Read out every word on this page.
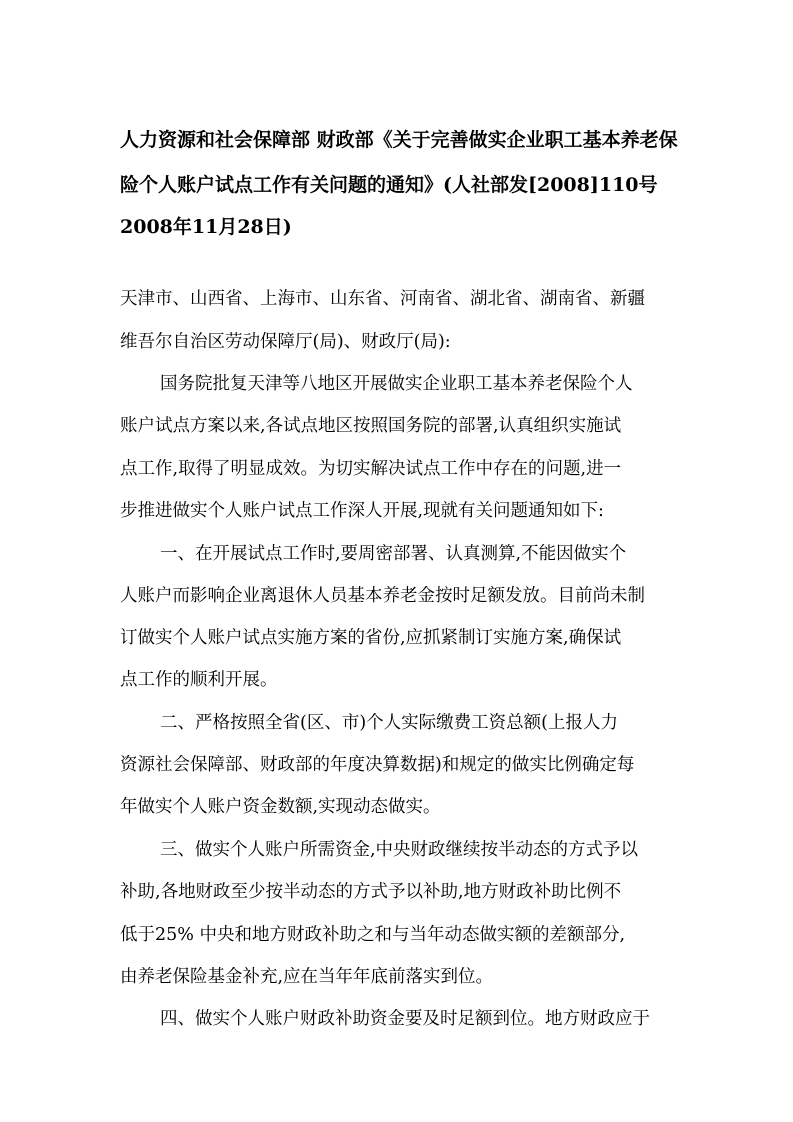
人力资源和社会保障部 财政部《关于完善做实企业职工基本养老保
险个人账户试点工作有关问题的通知》(人社部发[2008]110号
2008年11月28日)
天津市、山西省、上海市、山东省、河南省、湖北省、湖南省、新疆
维吾尔自治区劳动保障厅(局)、财政厅(局):
国务院批复天津等八地区开展做实企业职工基本养老保险个人
账户试点方案以来,各试点地区按照国务院的部署,认真组织实施试
点工作,取得了明显成效。为切实解决试点工作中存在的问题,进一
步推进做实个人账户试点工作深人开展,现就有关问题通知如下:
一、在开展试点工作时,要周密部署、认真测算,不能因做实个
人账户而影响企业离退休人员基本养老金按时足额发放。目前尚未制
订做实个人账户试点实施方案的省份,应抓紧制订实施方案,确保试
点工作的顺利开展。
二、严格按照全省(区、市)个人实际缴费工资总额(上报人力
资源社会保障部、财政部的年度决算数据)和规定的做实比例确定每
年做实个人账户资金数额,实现动态做实。
三、做实个人账户所需资金,中央财政继续按半动态的方式予以
补助,各地财政至少按半动态的方式予以补助,地方财政补助比例不
低于25% 中央和地方财政补助之和与当年动态做实额的差额部分,
由养老保险基金补充,应在当年年底前落实到位。
四、做实个人账户财政补助资金要及时足额到位。地方财政应于
